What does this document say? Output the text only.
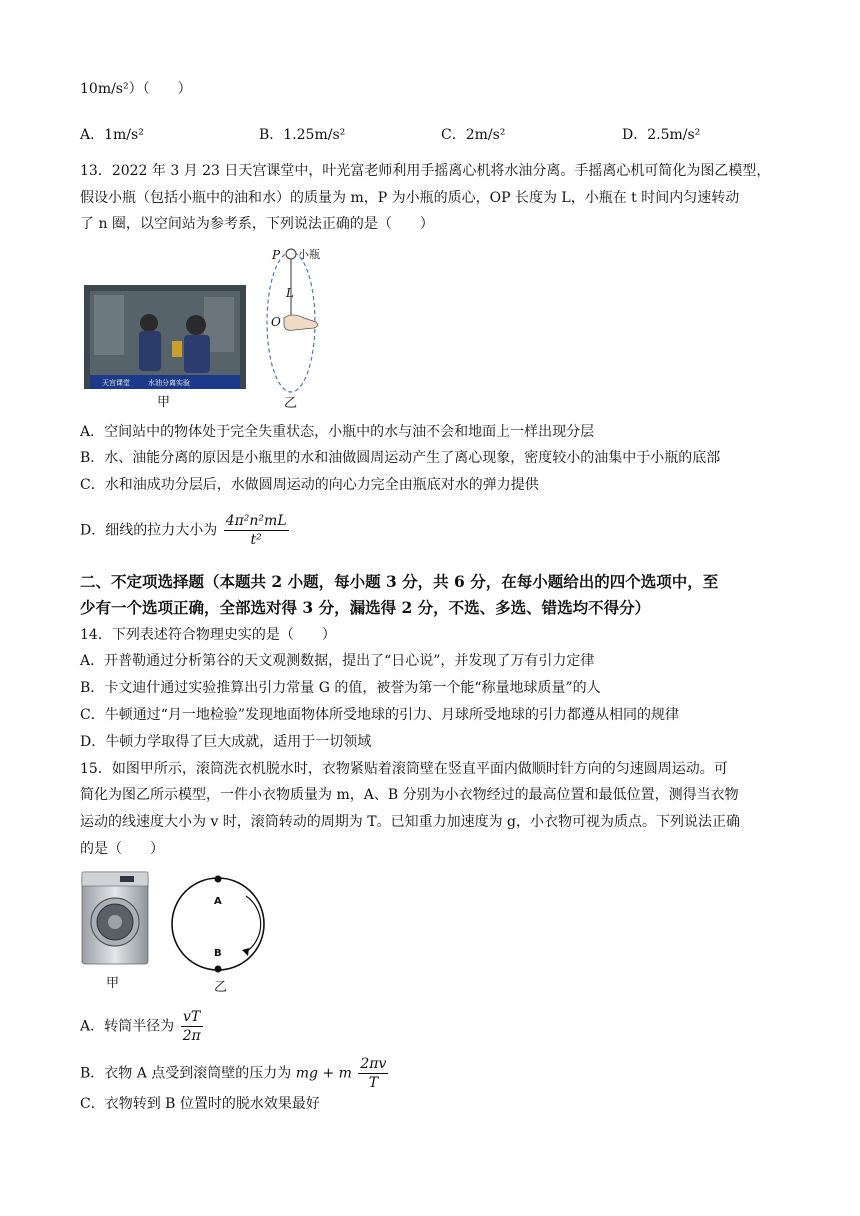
10m/s²）（　　）
A．1m/s²	B．1.25m/s²	C．2m/s²	D．2.5m/s²
13．2022 年 3 月 23 日天宫课堂中，叶光富老师利用手摇离心机将水油分离。手摇离心机可简化为图乙模型，
假设小瓶（包括小瓶中的油和水）的质量为 m，P 为小瓶的质心，OP 长度为 L，小瓶在 t 时间内匀速转动
了 n 圈，以空间站为参考系，下列说法正确的是（　　）
天宫课堂	水油分离实验
甲
P 小瓶
L
O
乙
A．空间站中的物体处于完全失重状态，小瓶中的水与油不会和地面上一样出现分层
B．水、油能分离的原因是小瓶里的水和油做圆周运动产生了离心现象，密度较小的油集中于小瓶的底部
C．水和油成功分层后，水做圆周运动的向心力完全由瓶底对水的弹力提供
D．细线的拉力大小为 $\frac{\text{4π²n²mL}}{\text{t²}}$
二、不定项选择题（本题共 2 小题，每小题 3 分，共 6 分，在每小题给出的四个选项中，至
少有一个选项正确，全部选对得 3 分，漏选得 2 分，不选、多选、错选均不得分）
14．下列表述符合物理史实的是（　　）
A．开普勒通过分析第谷的天文观测数据，提出了“日心说”，并发现了万有引力定律
B．卡文迪什通过实验推算出引力常量 G 的值，被誉为第一个能“称量地球质量”的人
C．牛顿通过“月一地检验”发现地面物体所受地球的引力、月球所受地球的引力都遵从相同的规律
D．牛顿力学取得了巨大成就，适用于一切领域
15．如图甲所示，滚筒洗衣机脱水时，衣物紧贴着滚筒壁在竖直平面内做顺时针方向的匀速圆周运动。可
简化为图乙所示模型，一件小衣物质量为 m，A、B 分别为小衣物经过的最高位置和最低位置，测得当衣物
运动的线速度大小为 v 时，滚筒转动的周期为 T。已知重力加速度为 g，小衣物可视为质点。下列说法正确
的是（　　）
甲
A
B
乙
A．转筒半径为 $\frac{vT}{2\pi}$
B．衣物 A 点受到滚筒壁的压力为 mg + m $\frac{2\pi v}{T}$
C．衣物转到 B 位置时的脱水效果最好
